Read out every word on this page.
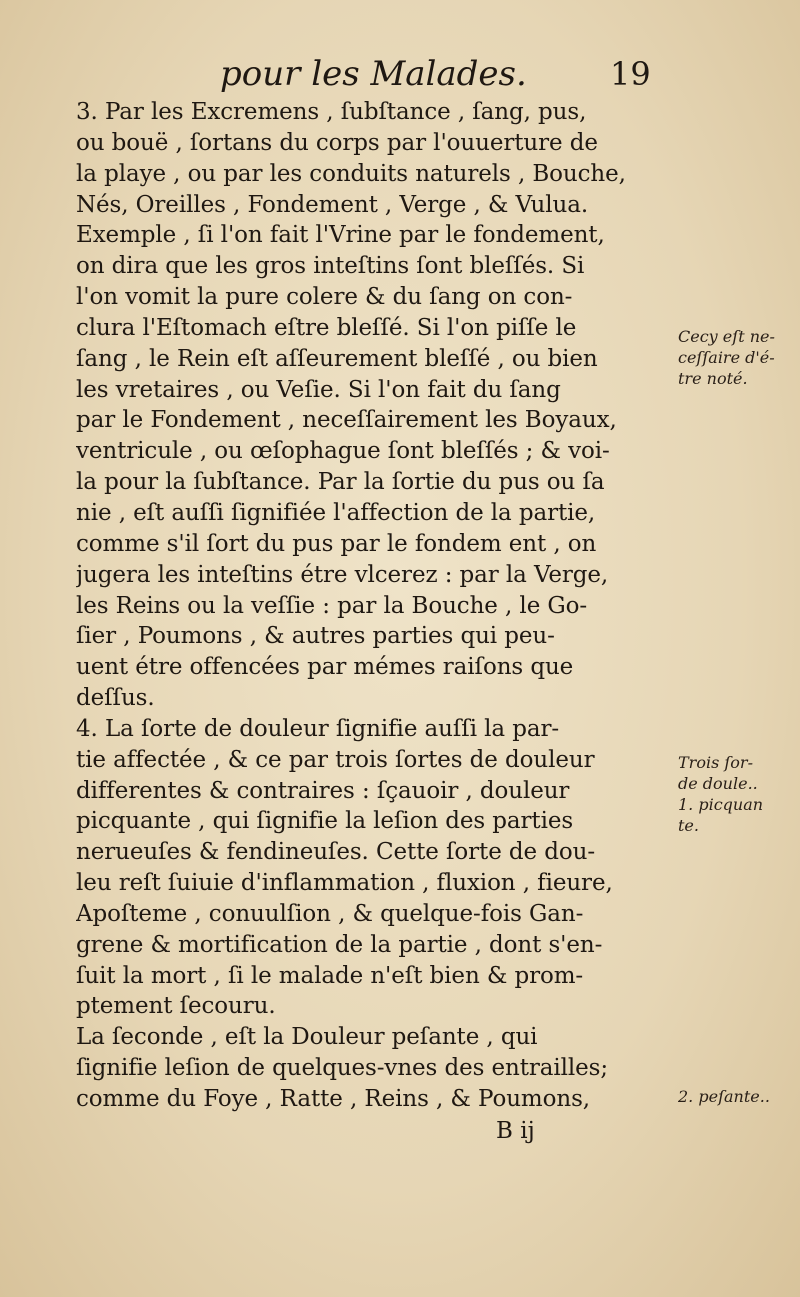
pour les Malades.	19
3. Par les Excremens , ſubſtance , ſang, pus,
ou bouë , ſortans du corps par l'ouuerture de
la playe , ou par les conduits naturels , Bouche,
Nés, Oreilles , Fondement , Verge , & Vulua.
Exemple , ſi l'on fait l'Vrine par le fondement,
on dira que les gros inteſtins ſont bleſſés. Si
l'on vomit la pure colere & du ſang on con-
clura l'Eſtomach eſtre bleſſé. Si l'on piſſe le
ſang , le Rein eſt aſſeurement bleſſé , ou bien
les vretaires , ou Veſie. Si l'on fait du ſang
par le Fondement , neceſſairement les Boyaux,
ventricule , ou œſophague ſont bleſſés ; & voi-
la pour la ſubſtance. Par la ſortie du pus ou ſa
nie , eſt auſſi ſignifiée l'affection de la partie,
comme s'il ſort du pus par le fondem ent , on
jugera les inteſtins étre vlcerez : par la Verge,
les Reins ou la veſſie : par la Bouche , le Go-
ſier , Poumons , & autres parties qui peu-
uent étre offencées par mémes raiſons que
deſſus.
4. La ſorte de douleur ſignifie auſſi la par-
tie affectée , & ce par trois ſortes de douleur
differentes & contraires : ſçauoir , douleur
picquante , qui ſignifie la leſion des parties
nerueuſes & fendineuſes. Cette ſorte de dou-
leu reſt ſuiuie d'inflammation , fluxion , fieure,
Apoſteme , conuulſion , & quelque-fois Gan-
grene & mortification de la partie , dont s'en-
ſuit la mort , ſi le malade n'eſt bien & prom-
ptement ſecouru.
La ſeconde , eſt la Douleur peſante , qui
ſignifie leſion de quelques-vnes des entrailles;
comme du Foye , Ratte , Reins , & Poumons,
B ij
Cecy eſt ne-
ceſſaire d'é-
tre noté.
Trois ſor-
de doule..
1. picquan
te.
2. peſante..
